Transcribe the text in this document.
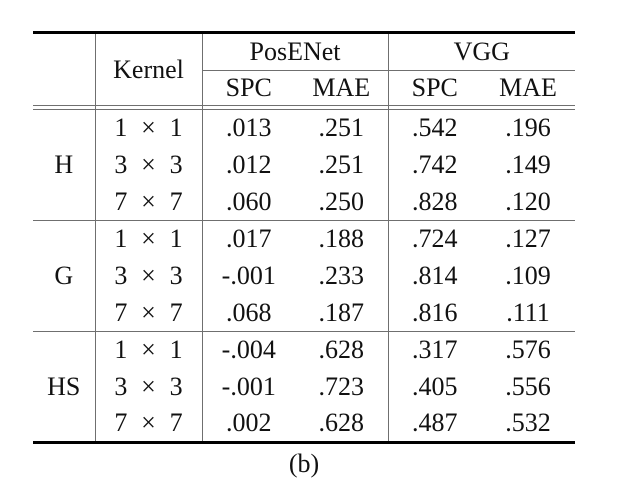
	Kernel	PosENet		VGG	
		SPC	MAE	SPC	MAE

H	1 × 1	.013	.251	.542	.196
	3 × 3	.012	.251	.742	.149
	7 × 7	.060	.250	.828	.120
G	1 × 1	.017	.188	.724	.127
	3 × 3	-.001	.233	.814	.109
	7 × 7	.068	.187	.816	.111
HS	1 × 1	-.004	.628	.317	.576
	3 × 3	-.001	.723	.405	.556
	7 × 7	.002	.628	.487	.532
(b)
